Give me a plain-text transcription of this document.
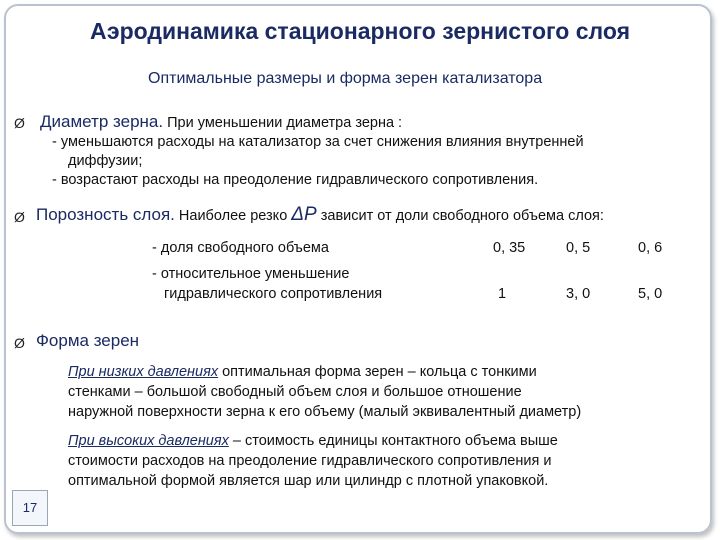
Аэродинамика стационарного зернистого слоя
Оптимальные размеры и форма зерен катализатора
Ø Диаметр зерна. При уменьшении диаметра зерна :
- уменьшаются расходы на катализатор за счет снижения влияния внутренней
диффузии;
- возрастают расходы на преодоление гидравлического сопротивления.
Ø Порозность слоя. Наиболее резко ΔP зависит от доли свободного объема слоя:
- доля свободного объема	0, 35	0, 5	0, 6
- относительное уменьшение
гидравлического сопротивления	1	3, 0	5, 0
Ø Форма зерен
При низких давлениях оптимальная форма зерен – кольца с тонкими
стенками – большой свободный объем слоя и большое отношение
наружной поверхности зерна к его объему (малый эквивалентный диаметр)
При высоких давлениях – стоимость единицы контактного объема выше
стоимости расходов на преодоление гидравлического сопротивления и
оптимальной формой является шар или цилиндр с плотной упаковкой.
17
